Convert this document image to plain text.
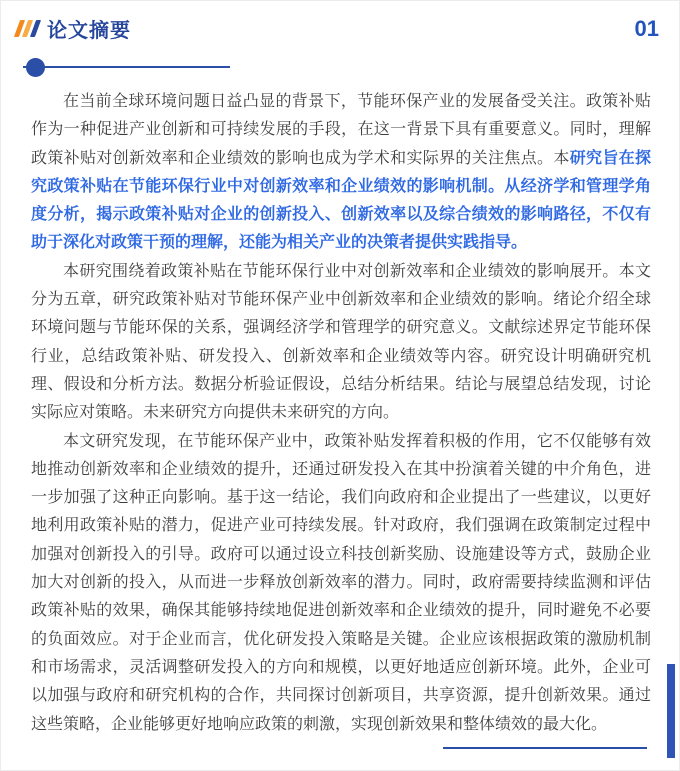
论文摘要	01

在当前全球环境问题日益凸显的背景下，节能环保产业的发展备受关注。政策补贴作为一种促进产业创新和可持续发展的手段，在这一背景下具有重要意义。同时，理解政策补贴对创新效率和企业绩效的影响也成为学术和实际界的关注焦点。本研究旨在探究政策补贴在节能环保行业中对创新效率和企业绩效的影响机制。从经济学和管理学角度分析，揭示政策补贴对企业的创新投入、创新效率以及综合绩效的影响路径，不仅有助于深化对政策干预的理解，还能为相关产业的决策者提供实践指导。

本研究围绕着政策补贴在节能环保行业中对创新效率和企业绩效的影响展开。本文分为五章，研究政策补贴对节能环保产业中创新效率和企业绩效的影响。绪论介绍全球环境问题与节能环保的关系，强调经济学和管理学的研究意义。文献综述界定节能环保行业，总结政策补贴、研发投入、创新效率和企业绩效等内容。研究设计明确研究机理、假设和分析方法。数据分析验证假设，总结分析结果。结论与展望总结发现，讨论实际应对策略。未来研究方向提供未来研究的方向。

本文研究发现，在节能环保产业中，政策补贴发挥着积极的作用，它不仅能够有效地推动创新效率和企业绩效的提升，还通过研发投入在其中扮演着关键的中介角色，进一步加强了这种正向影响。基于这一结论，我们向政府和企业提出了一些建议，以更好地利用政策补贴的潜力，促进产业可持续发展。针对政府，我们强调在政策制定过程中加强对创新投入的引导。政府可以通过设立科技创新奖励、设施建设等方式，鼓励企业加大对创新的投入，从而进一步释放创新效率的潜力。同时，政府需要持续监测和评估政策补贴的效果，确保其能够持续地促进创新效率和企业绩效的提升，同时避免不必要的负面效应。对于企业而言，优化研发投入策略是关键。企业应该根据政策的激励机制和市场需求，灵活调整研发投入的方向和规模，以更好地适应创新环境。此外，企业可以加强与政府和研究机构的合作，共同探讨创新项目，共享资源，提升创新效果。通过这些策略，企业能够更好地响应政策的刺激，实现创新效果和整体绩效的最大化。
